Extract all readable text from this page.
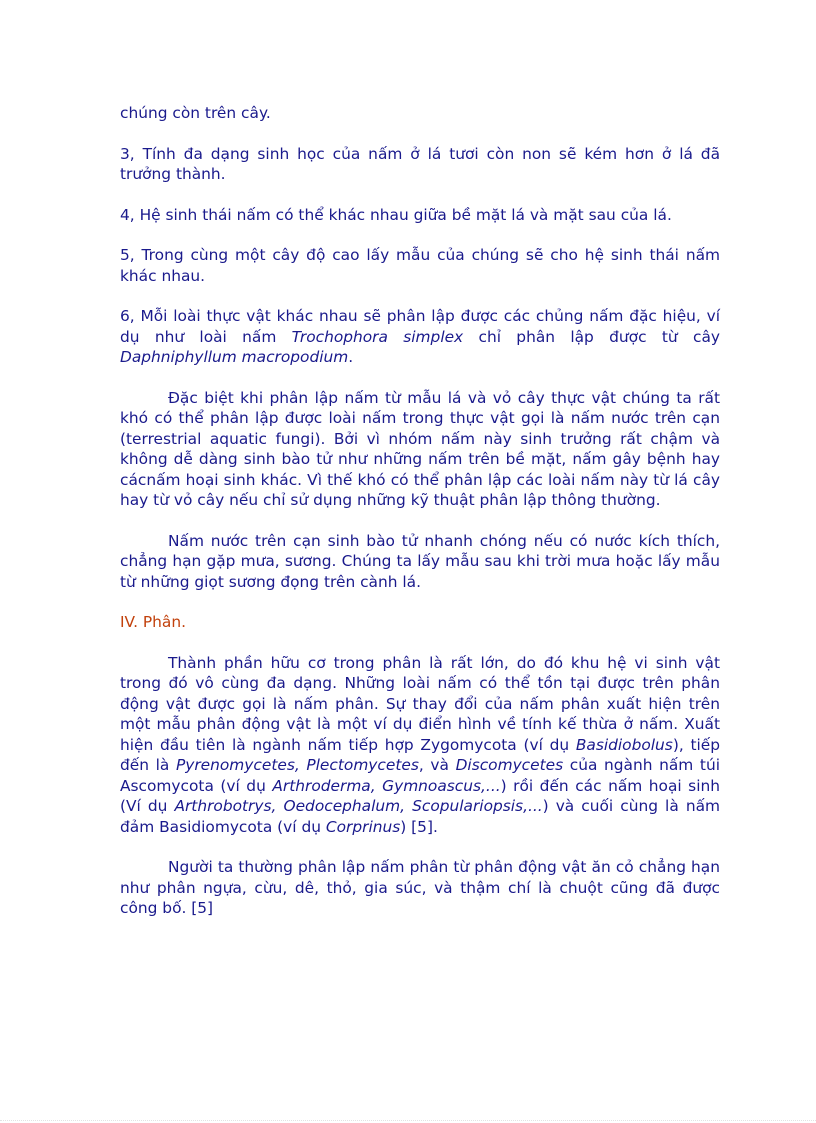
chúng còn trên cây.

3, Tính đa dạng sinh học của nấm ở lá tươi còn non sẽ kém hơn ở lá đã trưởng thành.

4, Hệ sinh thái nấm có thể khác nhau giữa bề mặt lá và mặt sau của lá.

5, Trong cùng một cây độ cao lấy mẫu của chúng sẽ cho hệ sinh thái nấm khác nhau.

6, Mỗi loài thực vật khác nhau sẽ phân lập được các chủng nấm đặc hiệu, ví dụ như loài nấm Trochophora simplex chỉ phân lập được từ cây Daphniphyllum macropodium.

Đặc biệt khi phân lập nấm từ mẫu lá và vỏ cây thực vật chúng ta rất khó có thể phân lập được loài nấm trong thực vật gọi là nấm nước trên cạn (terrestrial aquatic fungi). Bởi vì nhóm nấm này sinh trưởng rất chậm và không dễ dàng sinh bào tử như những nấm trên bề mặt, nấm gây bệnh hay cácnấm hoại sinh khác. Vì thế khó có thể phân lập các loài nấm này từ lá cây hay từ vỏ cây nếu chỉ sử dụng những kỹ thuật phân lập thông thường.

Nấm nước trên cạn sinh bào tử nhanh chóng nếu có nước kích thích, chẳng hạn gặp mưa, sương. Chúng ta lấy mẫu sau khi trời mưa hoặc lấy mẫu từ những giọt sương đọng trên cành lá.

IV. Phân.

Thành phần hữu cơ trong phân là rất lớn, do đó khu hệ vi sinh vật trong đó vô cùng đa dạng. Những loài nấm có thể tồn tại được trên phân động vật được gọi là nấm phân. Sự thay đổi của nấm phân xuất hiện trên một mẫu phân động vật là một ví dụ điển hình về tính kế thừa ở nấm. Xuất hiện đầu tiên là ngành nấm tiếp hợp Zygomycota (ví dụ Basidiobolus), tiếp đến là Pyrenomycetes, Plectomycetes, và Discomycetes của ngành nấm túi Ascomycota (ví dụ Arthroderma, Gymnoascus,...) rồi đến các nấm hoại sinh (Ví dụ Arthrobotrys, Oedocephalum, Scopulariopsis,...) và cuối cùng là nấm đảm Basidiomycota (ví dụ Corprinus) [5].

Người ta thường phân lập nấm phân từ phân động vật ăn cỏ chẳng hạn như phân ngựa, cừu, dê, thỏ, gia súc, và thậm chí là chuột cũng đã được công bố. [5]
